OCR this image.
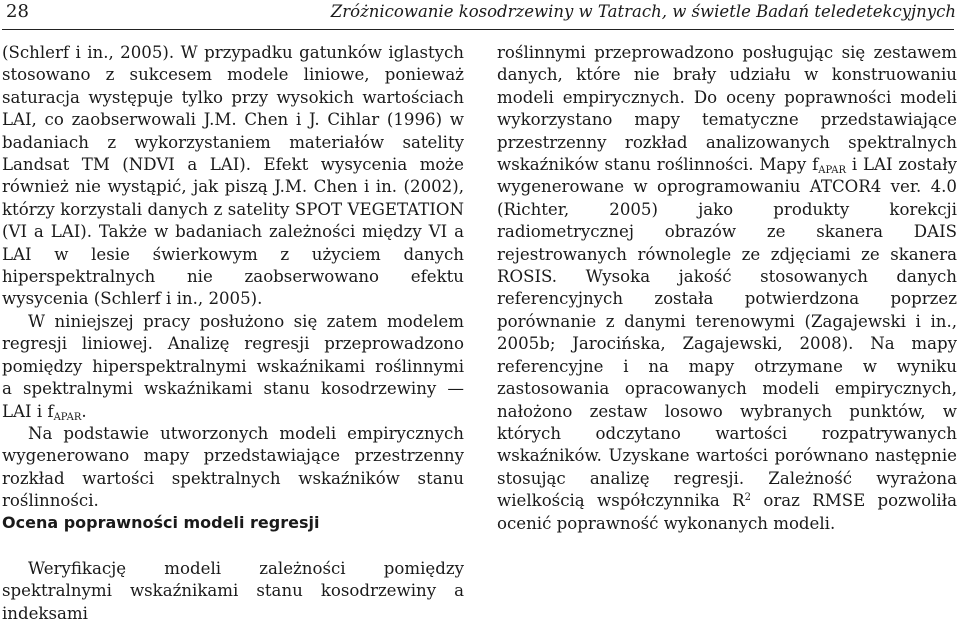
28	Zróżnicowanie kosodrzewiny w Tatrach, w świetle Badań teledetekcyjnych

(Schlerf i in., 2005). W przypadku gatunków iglastych stosowano z sukcesem modele liniowe, ponieważ saturacja występuje tylko przy wysokich wartościach LAI, co zaobserwowali J.M. Chen i J. Cihlar (1996) w badaniach z wykorzystaniem materiałów satelity Landsat TM (NDVI a LAI). Efekt wysycenia może również nie wystąpić, jak piszą J.M. Chen i in. (2002), którzy korzystali danych z satelity SPOT VEGETATION (VI a LAI). Także w badaniach zależności między VI a LAI w lesie świerkowym z użyciem danych hiperspektralnych nie zaobserwowano efektu wysycenia (Schlerf i in., 2005).

W niniejszej pracy posłużono się zatem modelem regresji liniowej. Analizę regresji przeprowadzono pomiędzy hiperspektralnymi wskaźnikami roślinnymi a spektralnymi wskaźnikami stanu kosodrzewiny — LAI i $f_{APAR}$.

Na podstawie utworzonych modeli empirycznych wygenerowano mapy przedstawiające przestrzenny rozkład wartości spektralnych wskaźników stanu roślinności.

Ocena poprawności modeli regresji

Weryfikację modeli zależności pomiędzy spektralnymi wskaźnikami stanu kosodrzewiny a indeksami

roślinnymi przeprowadzono posługując się zestawem danych, które nie brały udziału w konstruowaniu modeli empirycznych. Do oceny poprawności modeli wykorzystano mapy tematyczne przedstawiające przestrzenny rozkład analizowanych spektralnych wskaźników stanu roślinności. Mapy $f_{APAR}$ i LAI zostały wygenerowane w oprogramowaniu ATCOR4 ver. 4.0 (Richter, 2005) jako produkty korekcji radiometrycznej obrazów ze skanera DAIS rejestrowanych równolegle ze zdjęciami ze skanera ROSIS. Wysoka jakość stosowanych danych referencyjnych została potwierdzona poprzez porównanie z danymi terenowymi (Zagajewski i in., 2005b; Jarocińska, Zagajewski, 2008). Na mapy referencyjne i na mapy otrzymane w wyniku zastosowania opracowanych modeli empirycznych, nałożono zestaw losowo wybranych punktów, w których odczytano wartości rozpatrywanych wskaźników. Uzyskane wartości porównano następnie stosując analizę regresji. Zależność wyrażona wielkością współczynnika $R^2$ oraz RMSE pozwoliła ocenić poprawność wykonanych modeli.
